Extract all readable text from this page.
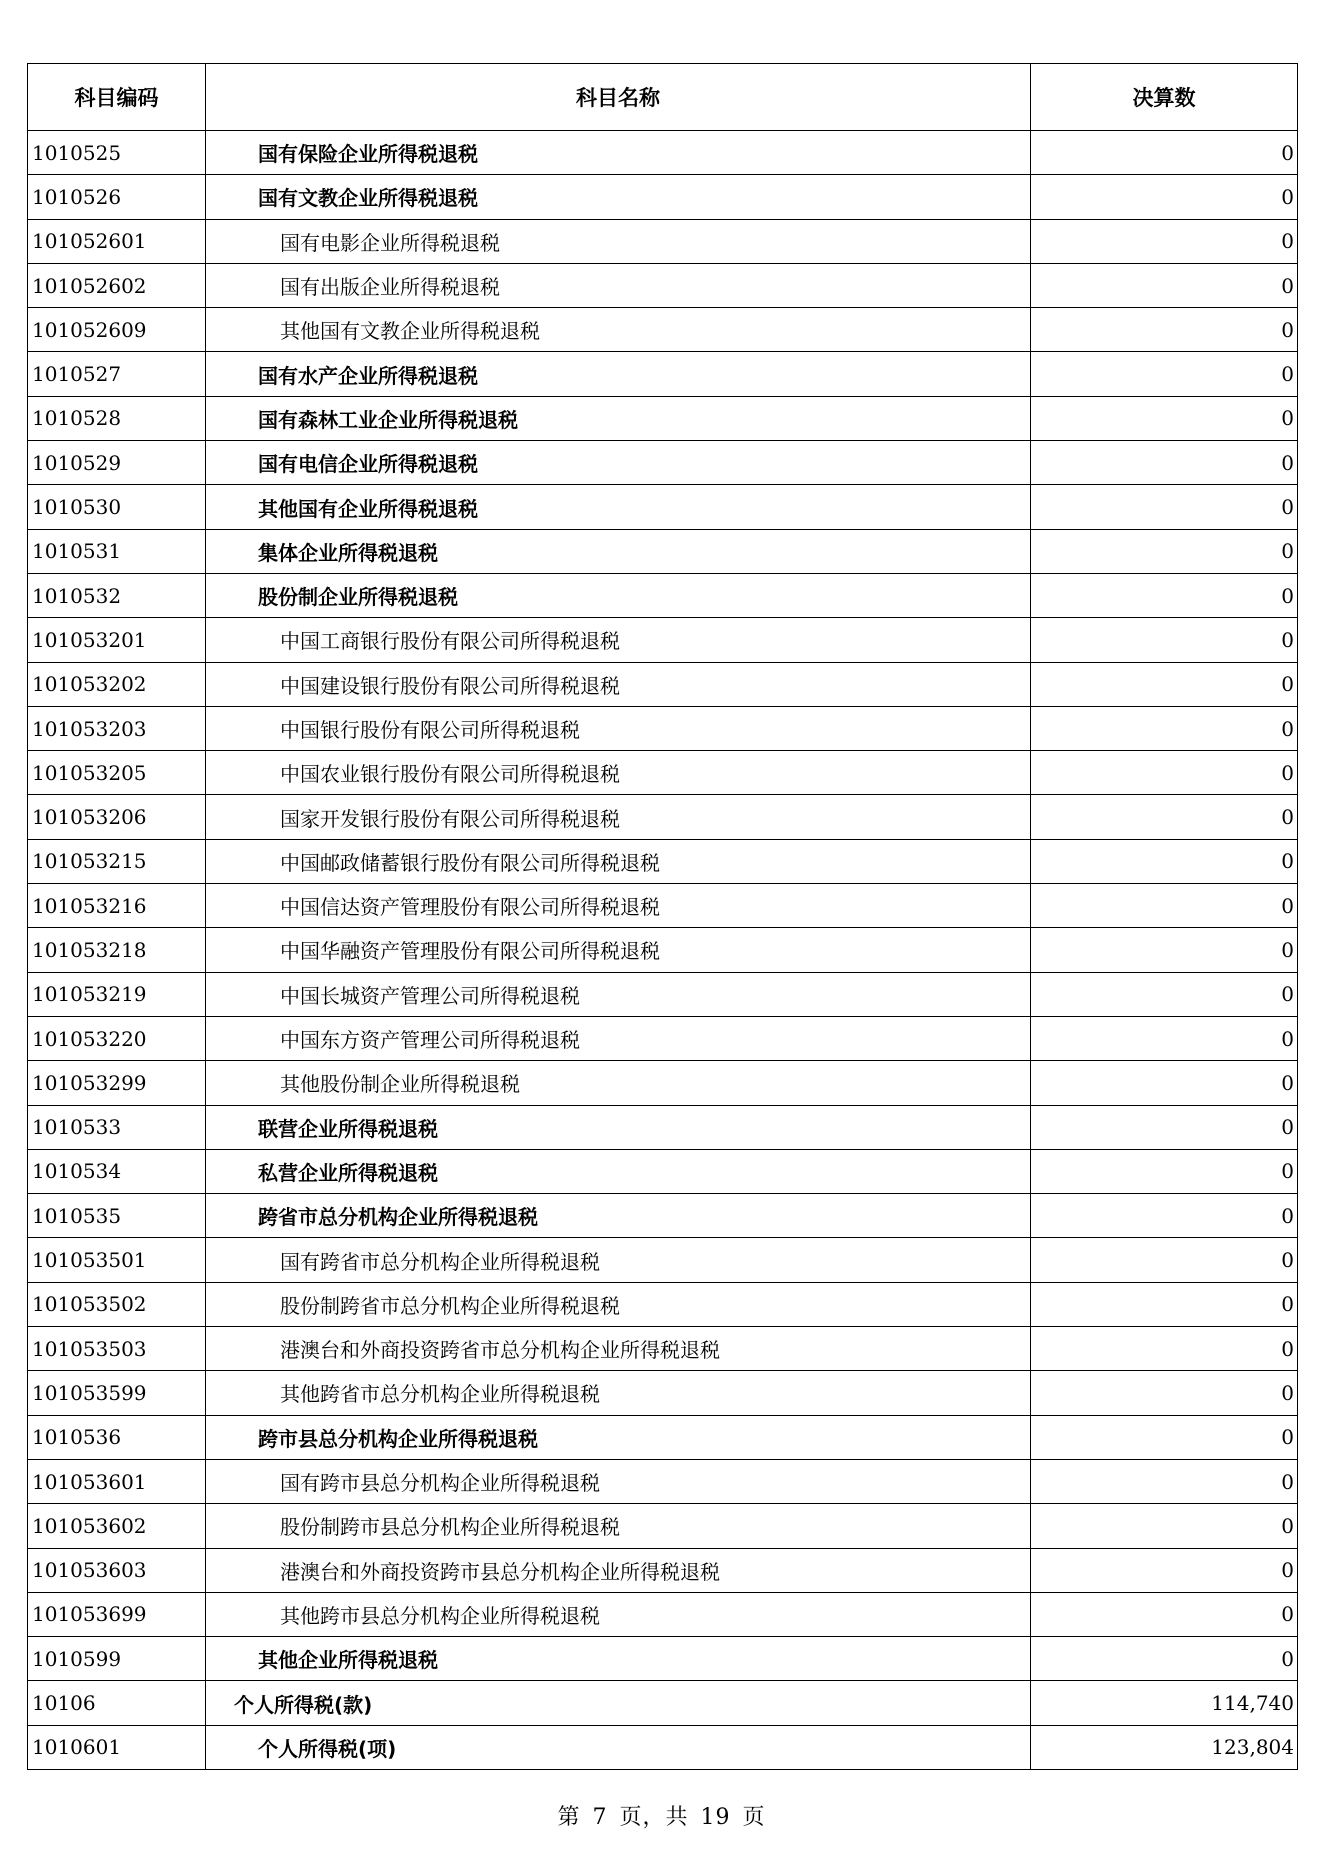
科目编码	科目名称	决算数
1010525	国有保险企业所得税退税	0
1010526	国有文教企业所得税退税	0
101052601	国有电影企业所得税退税	0
101052602	国有出版企业所得税退税	0
101052609	其他国有文教企业所得税退税	0
1010527	国有水产企业所得税退税	0
1010528	国有森林工业企业所得税退税	0
1010529	国有电信企业所得税退税	0
1010530	其他国有企业所得税退税	0
1010531	集体企业所得税退税	0
1010532	股份制企业所得税退税	0
101053201	中国工商银行股份有限公司所得税退税	0
101053202	中国建设银行股份有限公司所得税退税	0
101053203	中国银行股份有限公司所得税退税	0
101053205	中国农业银行股份有限公司所得税退税	0
101053206	国家开发银行股份有限公司所得税退税	0
101053215	中国邮政储蓄银行股份有限公司所得税退税	0
101053216	中国信达资产管理股份有限公司所得税退税	0
101053218	中国华融资产管理股份有限公司所得税退税	0
101053219	中国长城资产管理公司所得税退税	0
101053220	中国东方资产管理公司所得税退税	0
101053299	其他股份制企业所得税退税	0
1010533	联营企业所得税退税	0
1010534	私营企业所得税退税	0
1010535	跨省市总分机构企业所得税退税	0
101053501	国有跨省市总分机构企业所得税退税	0
101053502	股份制跨省市总分机构企业所得税退税	0
101053503	港澳台和外商投资跨省市总分机构企业所得税退税	0
101053599	其他跨省市总分机构企业所得税退税	0
1010536	跨市县总分机构企业所得税退税	0
101053601	国有跨市县总分机构企业所得税退税	0
101053602	股份制跨市县总分机构企业所得税退税	0
101053603	港澳台和外商投资跨市县总分机构企业所得税退税	0
101053699	其他跨市县总分机构企业所得税退税	0
1010599	其他企业所得税退税	0
10106	个人所得税(款)	114,740
1010601	个人所得税(项)	123,804
第 7 页，共 19 页
